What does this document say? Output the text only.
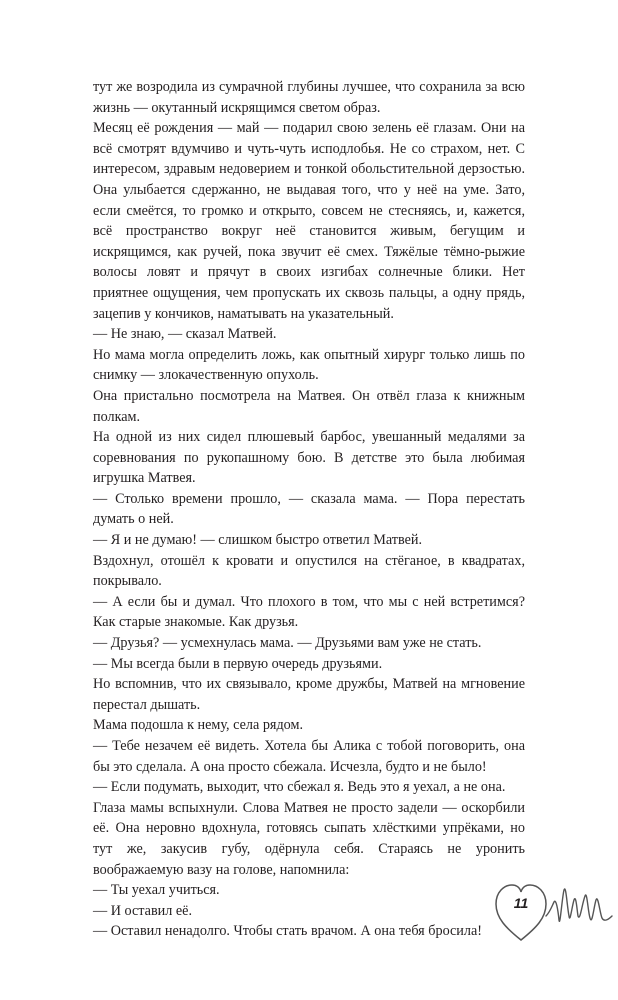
тут же возродила из сумрачной глубины лучшее, что сохранила за всю жизнь — окутанный искрящимся светом образ.

Месяц её рождения — май — подарил свою зелень её глазам. Они на всё смотрят вдумчиво и чуть-чуть исподлобья. Не со страхом, нет. С интересом, здравым недоверием и тонкой обольстительной дерзостью. Она улыбается сдержанно, не выдавая того, что у неё на уме. Зато, если смеётся, то громко и открыто, совсем не стесняясь, и, кажется, всё пространство вокруг неё становится живым, бегущим и искрящимся, как ручей, пока звучит её смех. Тяжёлые тёмно-рыжие волосы ловят и прячут в своих изгибах солнечные блики. Нет приятнее ощущения, чем пропускать их сквозь пальцы, а одну прядь, зацепив у кончиков, наматывать на указательный.

— Не знаю, — сказал Матвей.

Но мама могла определить ложь, как опытный хирург только лишь по снимку — злокачественную опухоль.

Она пристально посмотрела на Матвея. Он отвёл глаза к книжным полкам.

На одной из них сидел плюшевый барбос, увешанный медалями за соревнования по рукопашному бою. В детстве это была любимая игрушка Матвея.

— Столько времени прошло, — сказала мама. — Пора перестать думать о ней.

— Я и не думаю! — слишком быстро ответил Матвей.

Вздохнул, отошёл к кровати и опустился на стёганое, в квадратах, покрывало.

— А если бы и думал. Что плохого в том, что мы с ней встретимся? Как старые знакомые. Как друзья.

— Друзья? — усмехнулась мама. — Друзьями вам уже не стать.

— Мы всегда были в первую очередь друзьями.

Но вспомнив, что их связывало, кроме дружбы, Матвей на мгновение перестал дышать.

Мама подошла к нему, села рядом.

— Тебе незачем её видеть. Хотела бы Алика с тобой поговорить, она бы это сделала. А она просто сбежала. Исчезла, будто и не было!

— Если подумать, выходит, что сбежал я. Ведь это я уехал, а не она.

Глаза мамы вспыхнули. Слова Матвея не просто задели — оскорбили её. Она неровно вдохнула, готовясь сыпать хлёсткими упрёками, но тут же, закусив губу, одёрнула себя. Стараясь не уронить воображаемую вазу на голове, напомнила:

— Ты уехал учиться.

— И оставил её.

— Оставил ненадолго. Чтобы стать врачом. А она тебя бросила!

11
